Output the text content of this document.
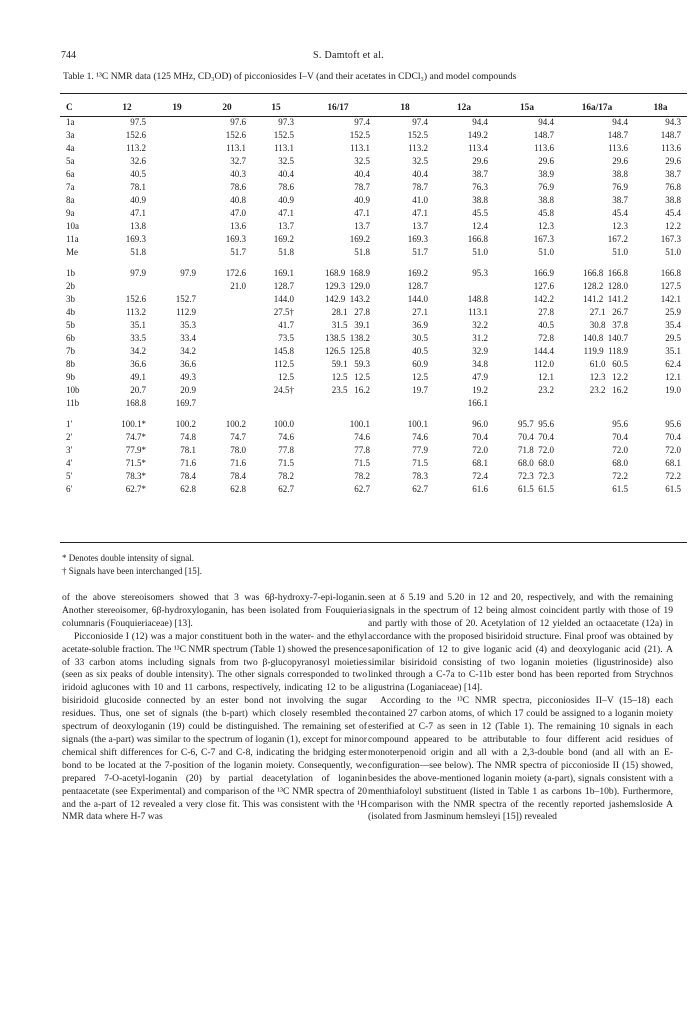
744	S. Damtoft et al.
Table 1. ¹³C NMR data (125 MHz, CD₃OD) of picconiosides I–V (and their acetates in CDCl₃) and model compounds
C	12	19	20	15	16/17	18	12a	15a	16a/17a	18a
1a	97.5		97.6	97.3	97.4	97.4	94.4	94.4	94.4	94.3
3a	152.6		152.6	152.5	152.5	152.5	149.2	148.7	148.7	148.7
4a	113.2		113.1	113.1	113.1	113.2	113.4	113.6	113.6	113.6
5a	32.6		32.7	32.5	32.5	32.5	29.6	29.6	29.6	29.6
6a	40.5		40.3	40.4	40.4	40.4	38.7	38.9	38.8	38.7
7a	78.1		78.6	78.6	78.7	78.7	76.3	76.9	76.9	76.8
8a	40.9		40.8	40.9	40.9	41.0	38.8	38.8	38.7	38.8
9a	47.1		47.0	47.1	47.1	47.1	45.5	45.8	45.4	45.4
10a	13.8		13.6	13.7	13.7	13.7	12.4	12.3	12.3	12.2
11a	169.3		169.3	169.2	169.2	169.3	166.8	167.3	167.2	167.3
Me	51.8		51.7	51.8	51.8	51.7	51.0	51.0	51.0	51.0

1b	97.9	97.9	172.6	169.1	168.9  168.9	169.2	95.3	166.9	166.8  166.8	166.8
2b			21.0	128.7	129.3  129.0	128.7		127.6	128.2  128.0	127.5
3b	152.6	152.7		144.0	142.9  143.2	144.0	148.8	142.2	141.2  141.2	142.1
4b	113.2	112.9		27.5†	28.1   27.8	27.1	113.1	27.8	27.1   26.7	25.9
5b	35.1	35.3		41.7	31.5   39.1	36.9	32.2	40.5	30.8   37.8	35.4
6b	33.5	33.4		73.5	138.5  138.2	30.5	31.2	72.8	140.8  140.7	29.5
7b	34.2	34.2		145.8	126.5  125.8	40.5	32.9	144.4	119.9  118.9	35.1
8b	36.6	36.6		112.5	59.1   59.3	60.9	34.8	112.0	61.0   60.5	62.4
9b	49.1	49.3		12.5	12.5   12.5	12.5	47.9	12.1	12.3   12.2	12.1
10b	20.7	20.9		24.5†	23.5   16.2	19.7	19.2	23.2	23.2   16.2	19.0
11b	168.8	169.7					166.1			

1′	100.1*	100.2	100.2	100.0	100.1	100.1	96.0	95.7  95.6	95.6	95.6
2′	74.7*	74.8	74.7	74.6	74.6	74.6	70.4	70.4  70.4	70.4	70.4
3′	77.9*	78.1	78.0	77.8	77.8	77.9	72.0	71.8  72.0	72.0	72.0
4′	71.5*	71.6	71.6	71.5	71.5	71.5	68.1	68.0  68.0	68.0	68.1
5′	78.3*	78.4	78.4	78.2	78.2	78.3	72.4	72.3  72.3	72.2	72.2
6′	62.7*	62.8	62.8	62.7	62.7	62.7	61.6	61.5  61.5	61.5	61.5
* Denotes double intensity of signal.
† Signals have been interchanged [15].

of the above stereoisomers showed that 3 was 6β-hydroxy-7-epi-loganin. Another stereoisomer, 6β-hydroxyloganin, has been isolated from Fouquieria columnaris (Fouquieriaceae) [13].

Picconioside I (12) was a major constituent both in the water- and the ethyl acetate-soluble fraction. The ¹³C NMR spectrum (Table 1) showed the presence of 33 carbon atoms including signals from two β-glucopyranosyl moieties (seen as six peaks of double intensity). The other signals corresponded to two iridoid aglucones with 10 and 11 carbons, respectively, indicating 12 to be a bisiridoid glucoside connected by an ester bond not involving the sugar residues. Thus, one set of signals (the b-part) which closely resembled the spectrum of deoxyloganin (19) could be distinguished. The remaining set of signals (the a-part) was similar to the spectrum of loganin (1), except for minor chemical shift differences for C-6, C-7 and C-8, indicating the bridging ester bond to be located at the 7-position of the loganin moiety. Consequently, we prepared 7-O-acetyl-loganin (20) by partial deacetylation of loganin pentaacetate (see Experimental) and comparison of the ¹³C NMR spectra of 20 and the a-part of 12 revealed a very close fit. This was consistent with the ¹H NMR data where H-7 was

seen at δ 5.19 and 5.20 in 12 and 20, respectively, and with the remaining signals in the spectrum of 12 being almost coincident partly with those of 19 and partly with those of 20. Acetylation of 12 yielded an octaacetate (12a) in accordance with the proposed bisiridoid structure. Final proof was obtained by saponification of 12 to give loganic acid (4) and deoxyloganic acid (21). A similar bisiridoid consisting of two loganin moieties (ligustrinoside) also linked through a C-7a to C-11b ester bond has been reported from Strychnos ligustrina (Loganiaceae) [14].

According to the ¹³C NMR spectra, picconiosides II–V (15–18) each contained 27 carbon atoms, of which 17 could be assigned to a loganin moiety esterified at C-7 as seen in 12 (Table 1). The remaining 10 signals in each compound appeared to be attributable to four different acid residues of monoterpenoid origin and all with a 2,3-double bond (and all with an E-configuration—see below). The NMR spectra of picconioside II (15) showed, besides the above-mentioned loganin moiety (a-part), signals consistent with a menthiafoloyl substituent (listed in Table 1 as carbons 1b–10b). Furthermore, comparison with the NMR spectra of the recently reported jashemsloside A (isolated from Jasminum hemsleyi [15]) revealed
